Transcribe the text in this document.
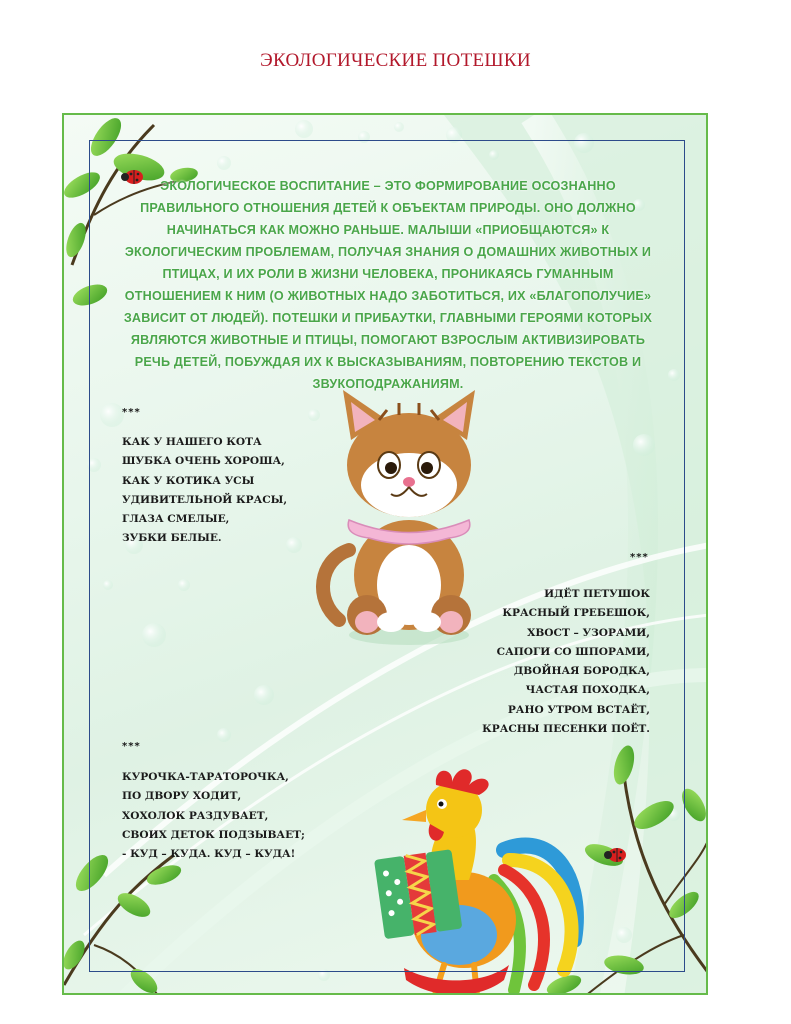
ЭКОЛОГИЧЕСКИЕ ПОТЕШКИ
ЭКОЛОГИЧЕСКОЕ ВОСПИТАНИЕ – ЭТО ФОРМИРОВАНИЕ ОСОЗНАННО ПРАВИЛЬНОГО ОТНОШЕНИЯ ДЕТЕЙ К ОБЪЕКТАМ ПРИРОДЫ. ОНО ДОЛЖНО НАЧИНАТЬСЯ КАК МОЖНО РАНЬШЕ. МАЛЫШИ «ПРИОБЩАЮТСЯ» К ЭКОЛОГИЧЕСКИМ ПРОБЛЕМАМ, ПОЛУЧАЯ ЗНАНИЯ О ДОМАШНИХ ЖИВОТНЫХ И ПТИЦАХ, И ИХ РОЛИ В ЖИЗНИ ЧЕЛОВЕКА, ПРОНИКАЯСЬ ГУМАННЫМ ОТНОШЕНИЕМ К НИМ (О ЖИВОТНЫХ НАДО ЗАБОТИТЬСЯ, ИХ «БЛАГОПОЛУЧИЕ» ЗАВИСИТ ОТ ЛЮДЕЙ). ПОТЕШКИ И ПРИБАУТКИ, ГЛАВНЫМИ ГЕРОЯМИ КОТОРЫХ ЯВЛЯЮТСЯ ЖИВОТНЫЕ И ПТИЦЫ, ПОМОГАЮТ ВЗРОСЛЫМ АКТИВИЗИРОВАТЬ РЕЧЬ ДЕТЕЙ, ПОБУЖДАЯ ИХ К ВЫСКАЗЫВАНИЯМ, ПОВТОРЕНИЮ ТЕКСТОВ И ЗВУКОПОДРАЖАНИЯМ.
***
КАК У НАШЕГО КОТА
ШУБКА ОЧЕНЬ ХОРОША,
КАК У КОТИКА УСЫ
УДИВИТЕЛЬНОЙ КРАСЫ,
ГЛАЗА СМЕЛЫЕ,
ЗУБКИ БЕЛЫЕ.
***
ИДЁТ ПЕТУШОК
КРАСНЫЙ ГРЕБЕШОК,
ХВОСТ – УЗОРАМИ,
САПОГИ СО ШПОРАМИ,
ДВОЙНАЯ БОРОДКА,
ЧАСТАЯ ПОХОДКА,
РАНО УТРОМ ВСТАЁТ,
КРАСНЫ ПЕСЕНКИ ПОЁТ.
***
КУРОЧКА-ТАРАТОРОЧКА,
ПО ДВОРУ ХОДИТ,
ХОХОЛОК РАЗДУВАЕТ,
СВОИХ ДЕТОК ПОДЗЫВАЕТ;
- КУД – КУДА. КУД – КУДА!
